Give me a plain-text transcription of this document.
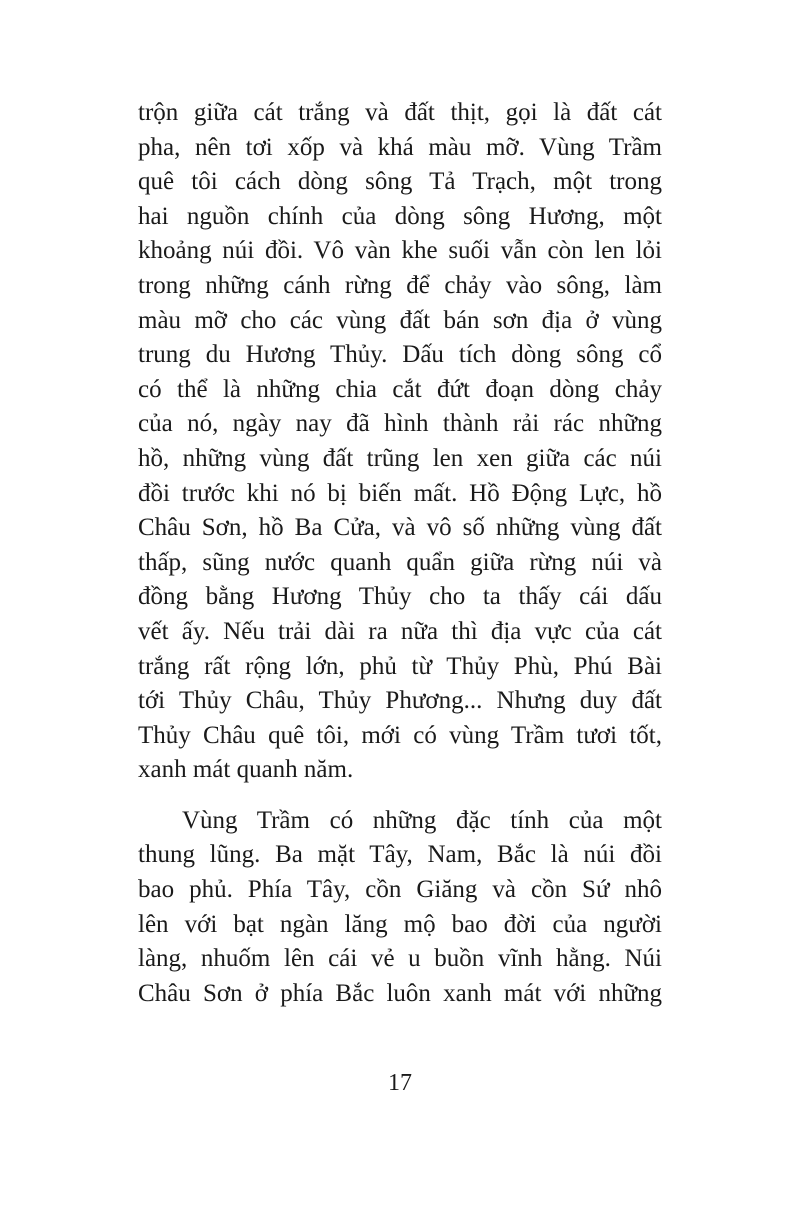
trộn giữa cát trắng và đất thịt, gọi là đất cát
pha, nên tơi xốp và khá màu mỡ. Vùng Trầm
quê tôi cách dòng sông Tả Trạch, một trong
hai nguồn chính của dòng sông Hương, một
khoảng núi đồi. Vô vàn khe suối vẫn còn len lỏi
trong những cánh rừng để chảy vào sông, làm
màu mỡ cho các vùng đất bán sơn địa ở vùng
trung du Hương Thủy. Dấu tích dòng sông cổ
có thể là những chia cắt đứt đoạn dòng chảy
của nó, ngày nay đã hình thành rải rác những
hồ, những vùng đất trũng len xen giữa các núi
đồi trước khi nó bị biến mất. Hồ Động Lực, hồ
Châu Sơn, hồ Ba Cửa, và vô số những vùng đất
thấp, sũng nước quanh quẩn giữa rừng núi và
đồng bằng Hương Thủy cho ta thấy cái dấu
vết ấy. Nếu trải dài ra nữa thì địa vực của cát
trắng rất rộng lớn, phủ từ Thủy Phù, Phú Bài
tới Thủy Châu, Thủy Phương... Nhưng duy đất
Thủy Châu quê tôi, mới có vùng Trầm tươi tốt,
xanh mát quanh năm.
Vùng Trầm có những đặc tính của một
thung lũng. Ba mặt Tây, Nam, Bắc là núi đồi
bao phủ. Phía Tây, cồn Giăng và cồn Sứ nhô
lên với bạt ngàn lăng mộ bao đời của người
làng, nhuốm lên cái vẻ u buồn vĩnh hằng. Núi
Châu Sơn ở phía Bắc luôn xanh mát với những
17
